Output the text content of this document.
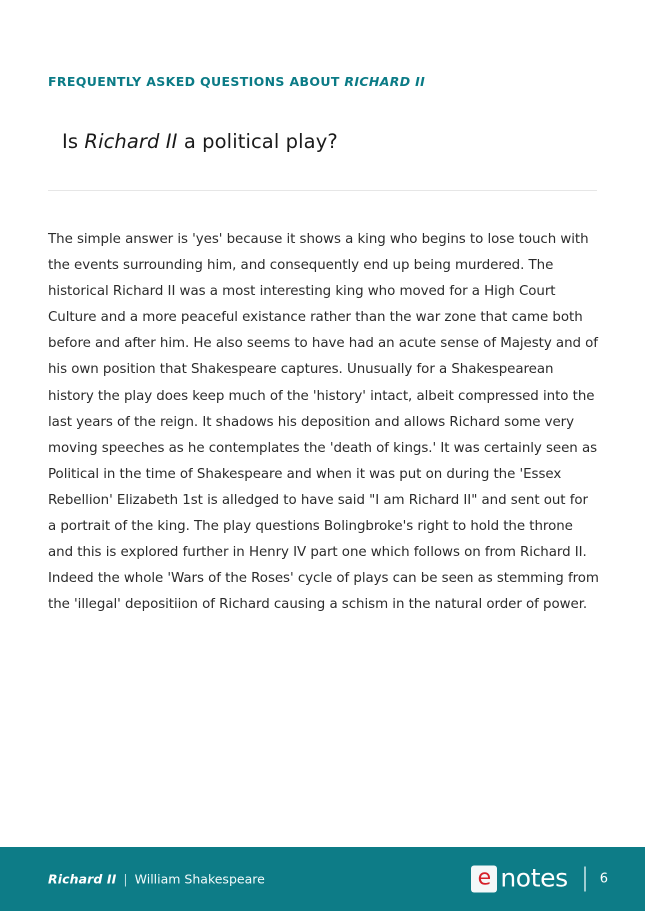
FREQUENTLY ASKED QUESTIONS ABOUT RICHARD II
Is Richard II a political play?

The simple answer is 'yes' because it shows a king who begins to lose touch with the events surrounding him, and consequently end up being murdered. The historical Richard II was a most interesting king who moved for a High Court Culture and a more peaceful existance rather than the war zone that came both before and after him. He also seems to have had an acute sense of Majesty and of his own position that Shakespeare captures. Unusually for a Shakespearean history the play does keep much of the 'history' intact, albeit compressed into the last years of the reign. It shadows his deposition and allows Richard some very moving speeches as he contemplates the 'death of kings.' It was certainly seen as Political in the time of Shakespeare and when it was put on during the 'Essex Rebellion' Elizabeth 1st is alledged to have said "I am Richard II" and sent out for a portrait of the king. The play questions Bolingbroke's right to hold the throne and this is explored further in Henry IV part one which follows on from Richard II. Indeed the whole 'Wars of the Roses' cycle of plays can be seen as stemming from the 'illegal' depositiion of Richard causing a schism in the natural order of power.

Richard II | William Shakespeare	e notes 6
